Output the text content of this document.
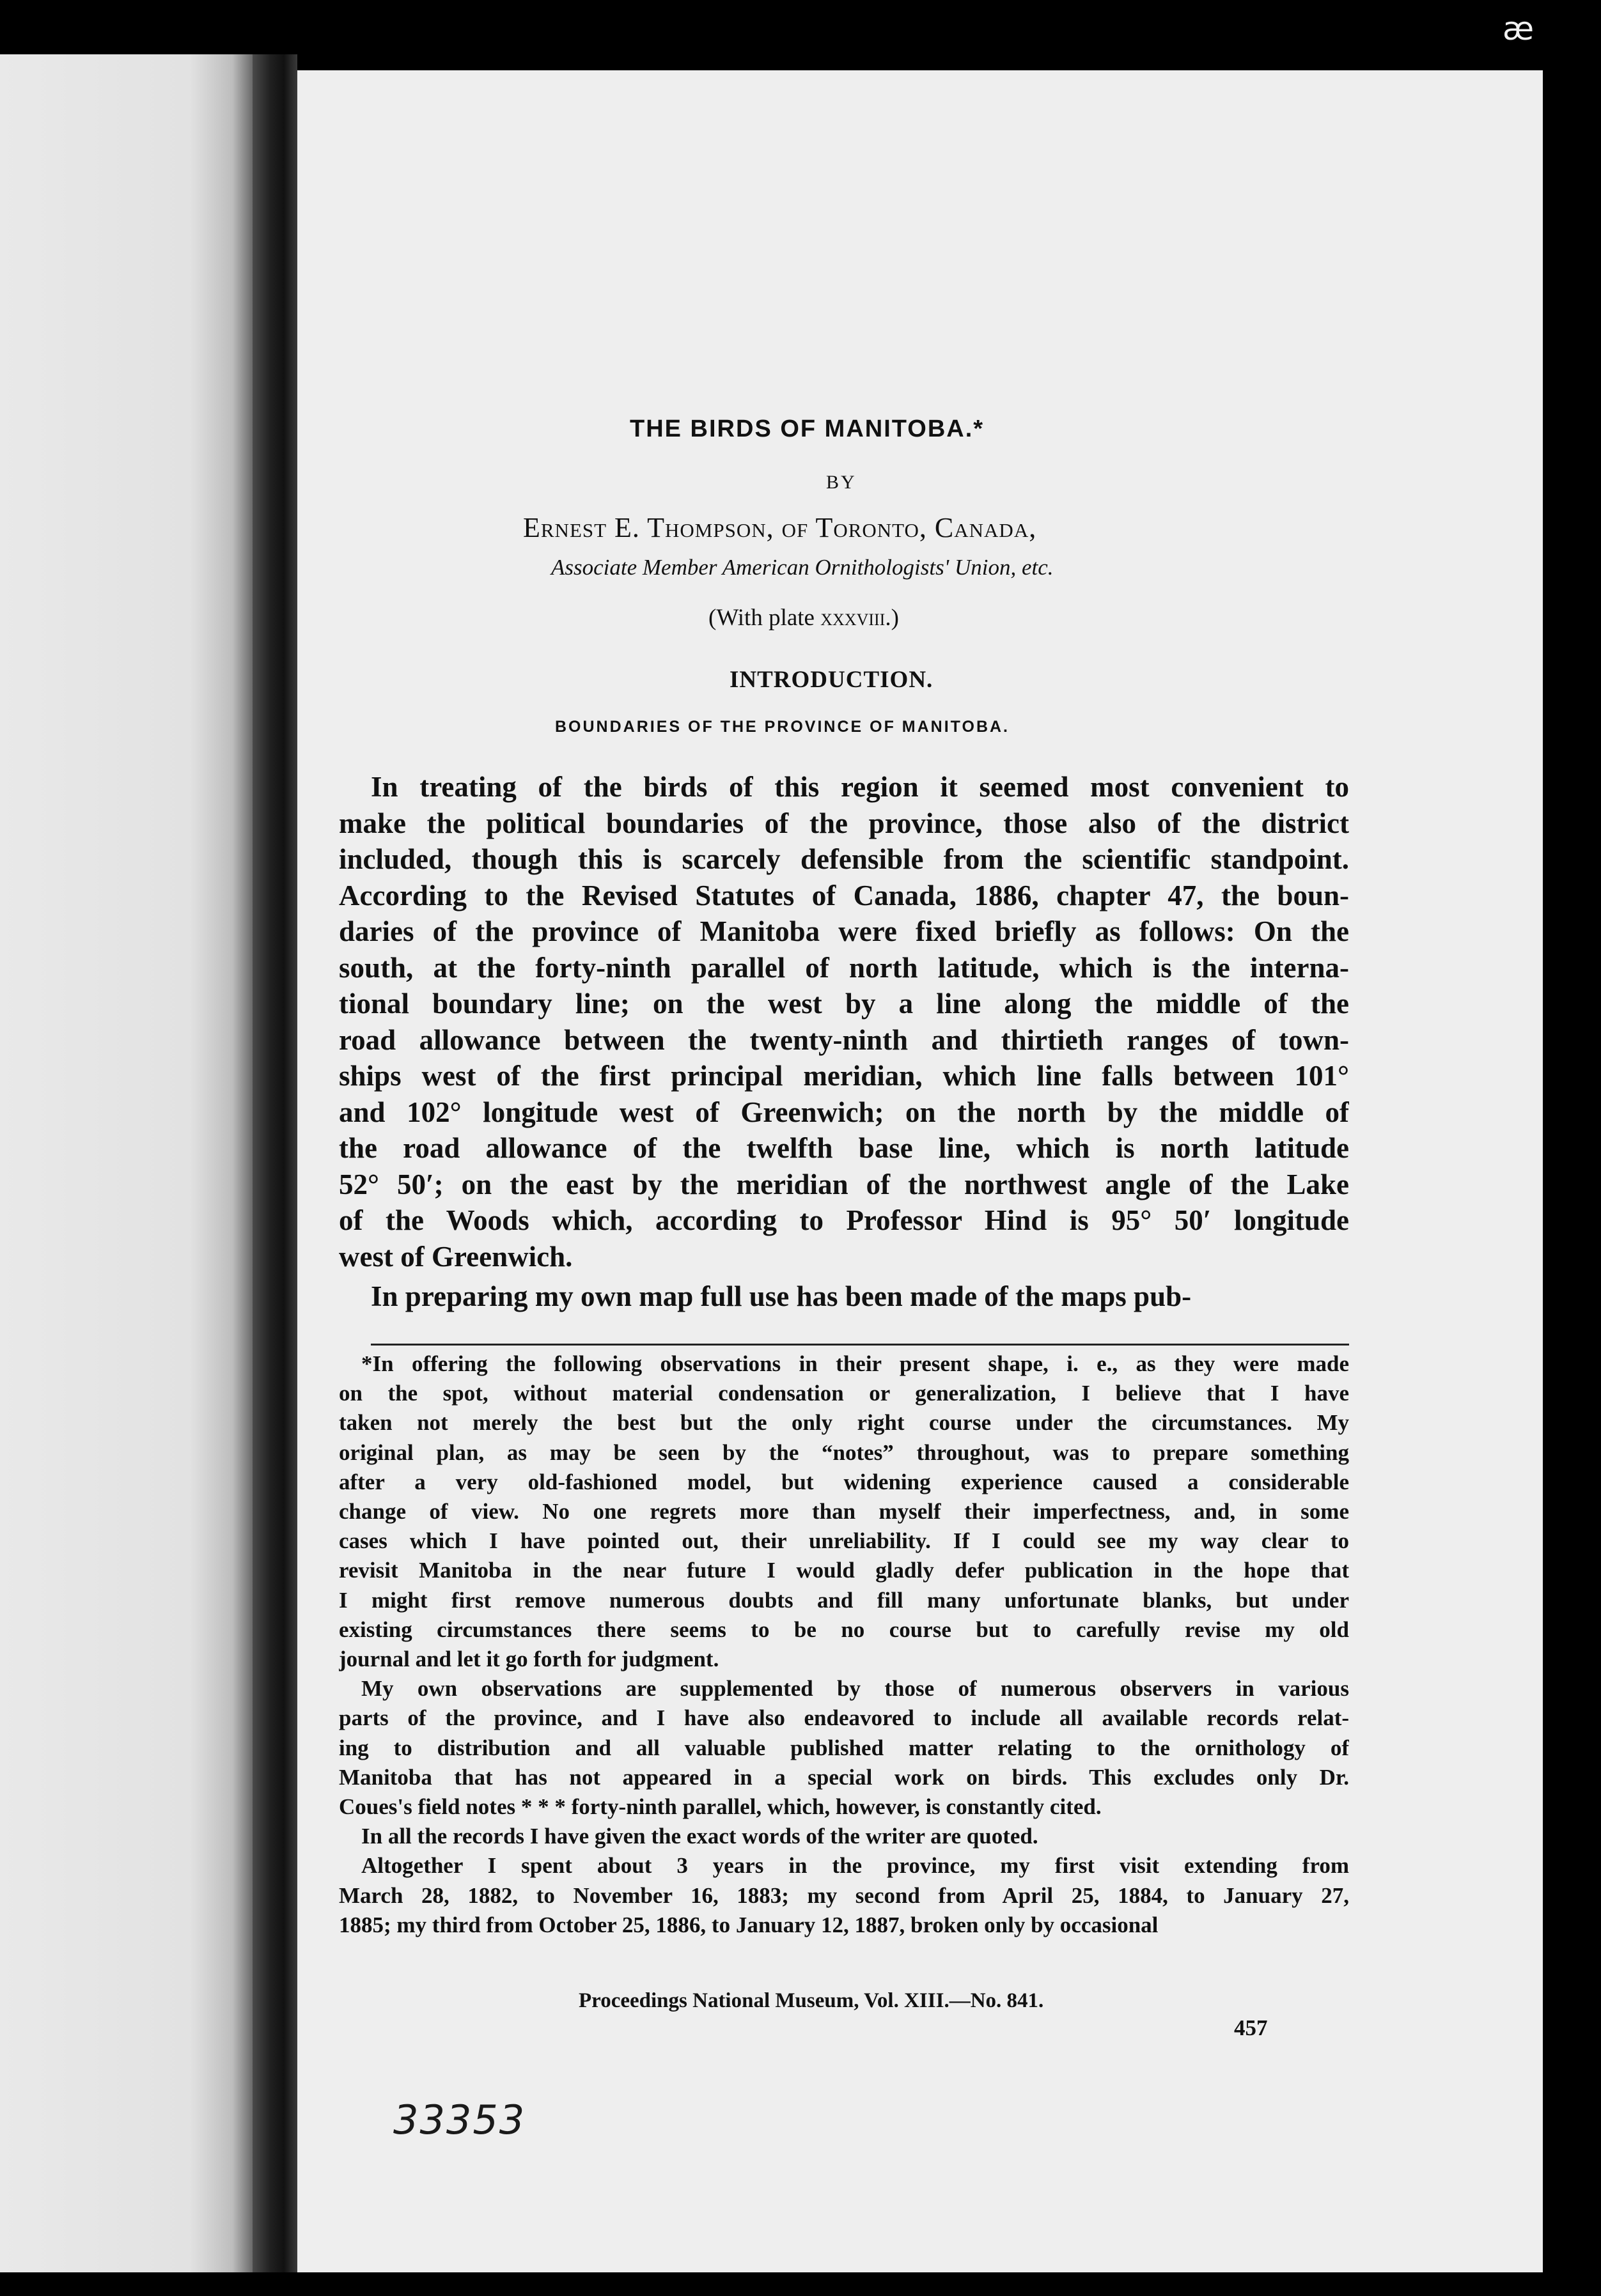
æ
THE BIRDS OF MANITOBA.*
BY
Ernest E. Thompson, of Toronto, Canada,
Associate Member American Ornithologists' Union, etc.
(With plate xxxviii.)
INTRODUCTION.
BOUNDARIES OF THE PROVINCE OF MANITOBA.
In treating of the birds of this region it seemed most convenient to
make the political boundaries of the province, those also of the district
included, though this is scarcely defensible from the scientific standpoint.
According to the Revised Statutes of Canada, 1886, chapter 47, the boun-
daries of the province of Manitoba were fixed briefly as follows: On the
south, at the forty-ninth parallel of north latitude, which is the interna-
tional boundary line; on the west by a line along the middle of the
road allowance between the twenty-ninth and thirtieth ranges of town-
ships west of the first principal meridian, which line falls between 101°
and 102° longitude west of Greenwich; on the north by the middle of
the road allowance of the twelfth base line, which is north latitude
52° 50′; on the east by the meridian of the northwest angle of the Lake
of the Woods which, according to Professor Hind is 95° 50′ longitude
west of Greenwich.
In preparing my own map full use has been made of the maps pub-
*In offering the following observations in their present shape, i. e., as they were made
on the spot, without material condensation or generalization, I believe that I have
taken not merely the best but the only right course under the circumstances. My
original plan, as may be seen by the “notes” throughout, was to prepare something
after a very old-fashioned model, but widening experience caused a considerable
change of view. No one regrets more than myself their imperfectness, and, in some
cases which I have pointed out, their unreliability. If I could see my way clear to
revisit Manitoba in the near future I would gladly defer publication in the hope that
I might first remove numerous doubts and fill many unfortunate blanks, but under
existing circumstances there seems to be no course but to carefully revise my old
journal and let it go forth for judgment.
My own observations are supplemented by those of numerous observers in various
parts of the province, and I have also endeavored to include all available records relat-
ing to distribution and all valuable published matter relating to the ornithology of
Manitoba that has not appeared in a special work on birds. This excludes only Dr.
Coues's field notes * * * forty-ninth parallel, which, however, is constantly cited.
In all the records I have given the exact words of the writer are quoted.
Altogether I spent about 3 years in the province, my first visit extending from
March 28, 1882, to November 16, 1883; my second from April 25, 1884, to January 27,
1885; my third from October 25, 1886, to January 12, 1887, broken only by occasional
Proceedings National Museum, Vol. XIII.—No. 841.
457
33353
